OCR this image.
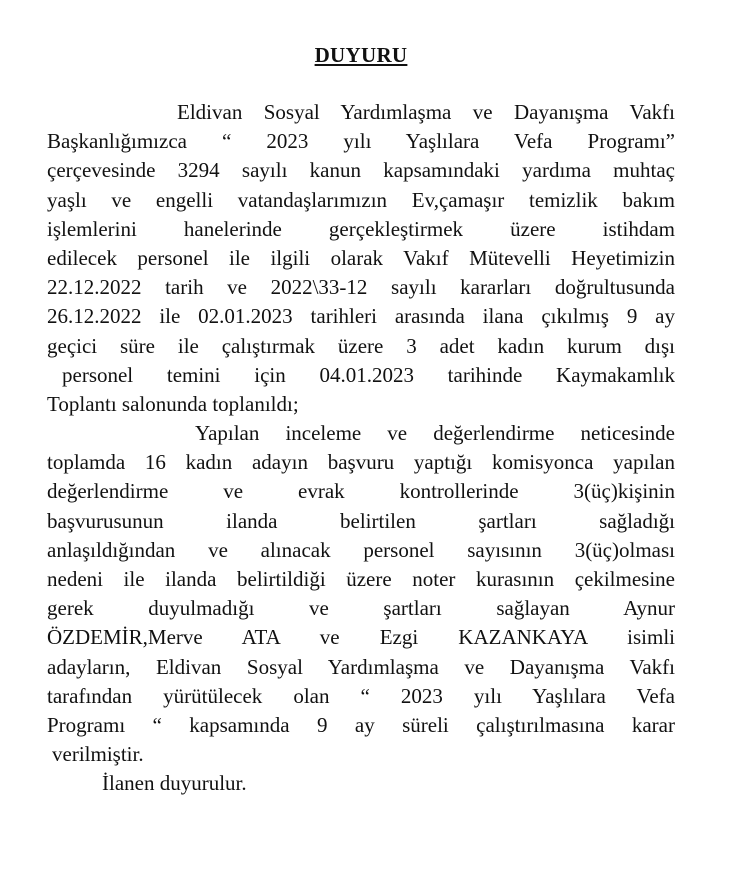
DUYURU
Eldivan Sosyal Yardımlaşma ve Dayanışma Vakfı
Başkanlığımızca “ 2023 yılı Yaşlılara Vefa Programı”
çerçevesinde 3294 sayılı kanun kapsamındaki yardıma muhtaç
yaşlı ve engelli vatandaşlarımızın Ev,çamaşır temizlik bakım
işlemlerini hanelerinde gerçekleştirmek üzere istihdam
edilecek personel ile ilgili olarak Vakıf Mütevelli Heyetimizin
22.12.2022 tarih ve 2022\33-12 sayılı kararları doğrultusunda
26.12.2022 ile 02.01.2023 tarihleri arasında ilana çıkılmış 9 ay
geçici süre ile çalıştırmak üzere 3 adet kadın kurum dışı
personel temini için 04.01.2023 tarihinde Kaymakamlık
Toplantı salonunda toplanıldı;
Yapılan inceleme ve değerlendirme neticesinde
toplamda 16 kadın adayın başvuru yaptığı komisyonca yapılan
değerlendirme ve evrak kontrollerinde 3(üç)kişinin
başvurusunun ilanda belirtilen şartları sağladığı
anlaşıldığından ve alınacak personel sayısının 3(üç)olması
nedeni ile ilanda belirtildiği üzere noter kurasının çekilmesine
gerek duyulmadığı ve şartları sağlayan Aynur
ÖZDEMİR,Merve ATA ve Ezgi KAZANKAYA isimli
adayların, Eldivan Sosyal Yardımlaşma ve Dayanışma Vakfı
tarafından yürütülecek olan “ 2023 yılı Yaşlılara Vefa
Programı “ kapsamında 9 ay süreli çalıştırılmasına karar
verilmiştir.
İlanen duyurulur.
